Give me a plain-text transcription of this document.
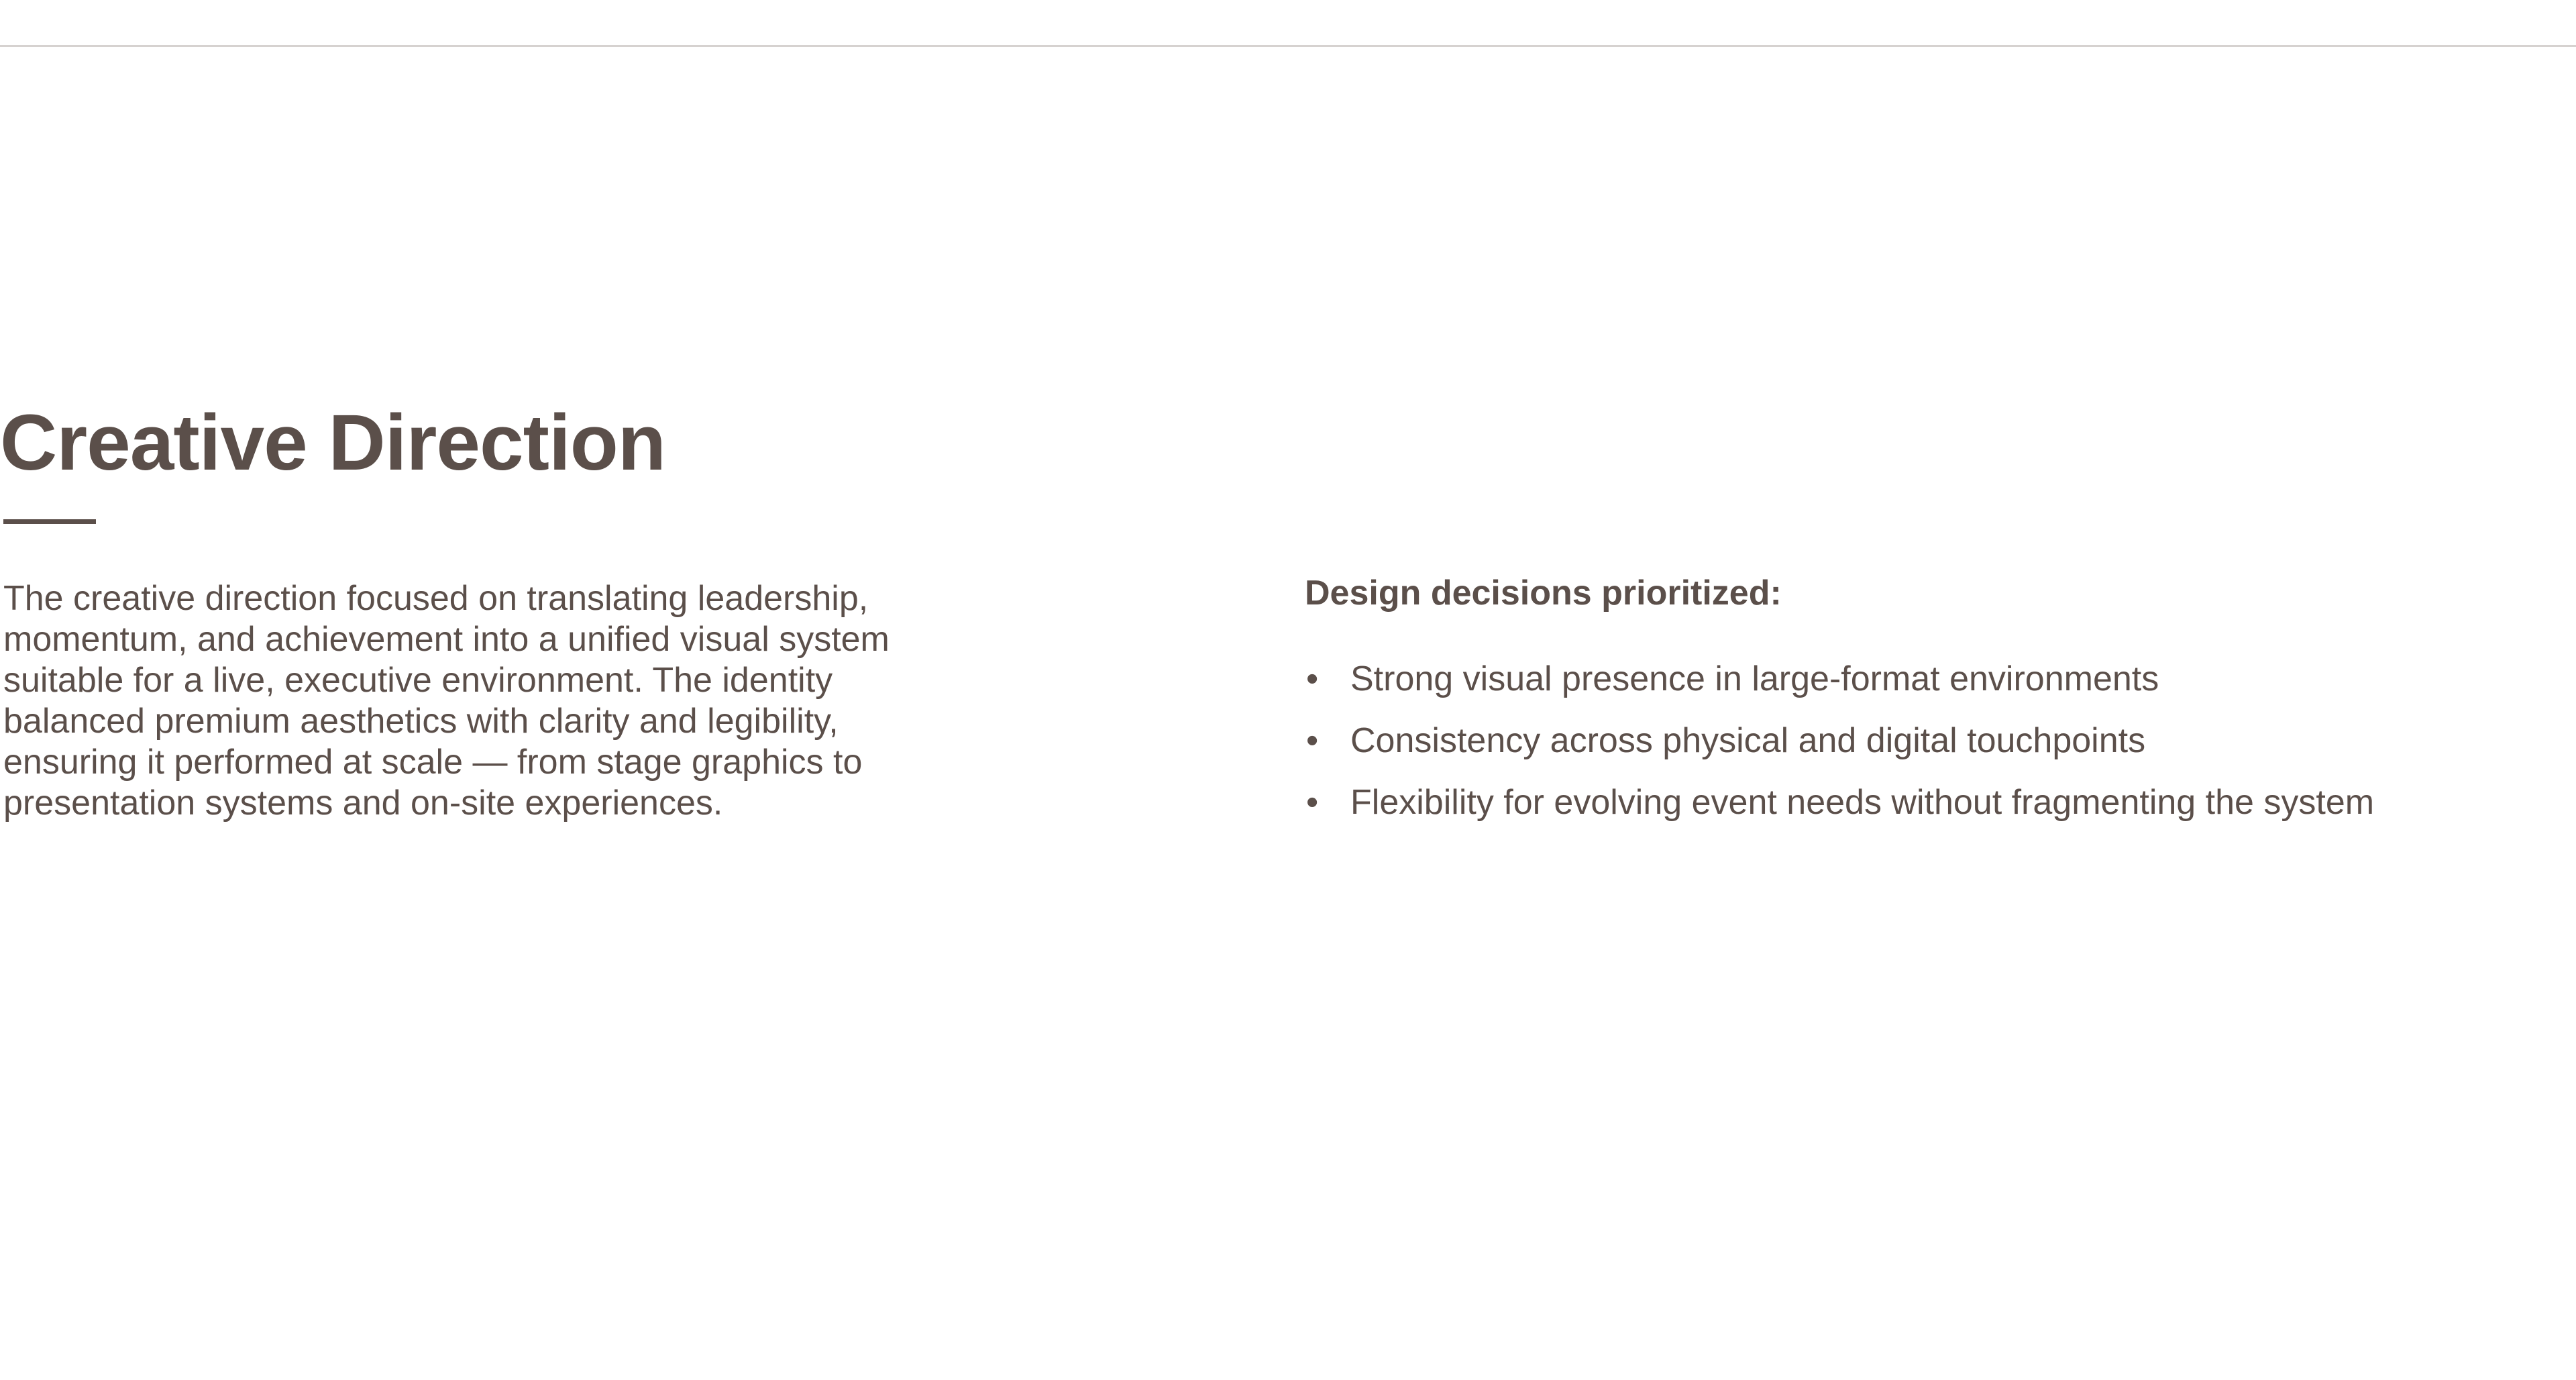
Creative Direction

The creative direction focused on translating leadership, momentum, and achievement into a unified visual system suitable for a live, executive environment. The identity balanced premium aesthetics with clarity and legibility, ensuring it performed at scale — from stage graphics to presentation systems and on-site experiences.

Design decisions prioritized:
• Strong visual presence in large-format environments
• Consistency across physical and digital touchpoints
• Flexibility for evolving event needs without fragmenting the system
